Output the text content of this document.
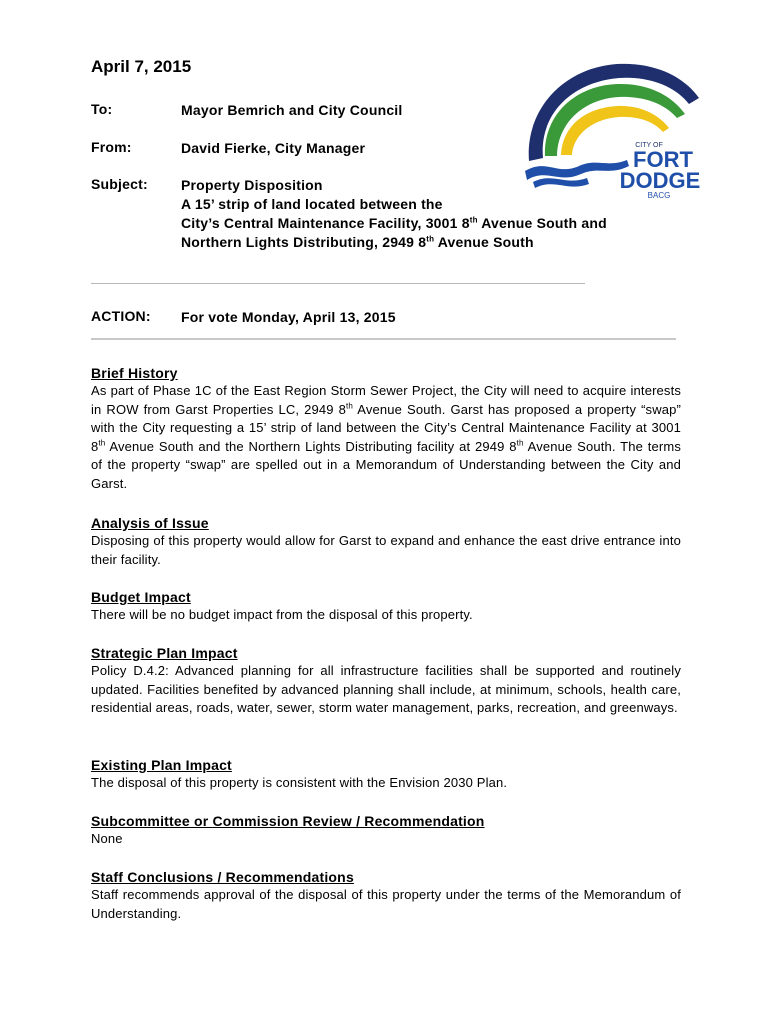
April 7, 2015
To:	Mayor Bemrich and City Council
From:	David Fierke, City Manager
Subject: Property Disposition
A 15’ strip of land located between the
City’s Central Maintenance Facility, 3001 8th Avenue South and
Northern Lights Distributing, 2949 8th Avenue South
ACTION: For vote Monday, April 13, 2015
CITY OF
FORT
DODGE
BACG
Brief History

As part of Phase 1C of the East Region Storm Sewer Project, the City will need to acquire interests in ROW from Garst Properties LC, 2949 8th Avenue South. Garst has proposed a property “swap” with the City requesting a 15’ strip of land between the City’s Central Maintenance Facility at 3001 8th Avenue South and the Northern Lights Distributing facility at 2949 8th Avenue South. The terms of the property “swap” are spelled out in a Memorandum of Understanding between the City and Garst.

Analysis of Issue

Disposing of this property would allow for Garst to expand and enhance the east drive entrance into their facility.

Budget Impact

There will be no budget impact from the disposal of this property.

Strategic Plan Impact

Policy D.4.2: Advanced planning for all infrastructure facilities shall be supported and routinely updated. Facilities benefited by advanced planning shall include, at minimum, schools, health care, residential areas, roads, water, sewer, storm water management, parks, recreation, and greenways.

Existing Plan Impact

The disposal of this property is consistent with the Envision 2030 Plan.

Subcommittee or Commission Review / Recommendation

None

Staff Conclusions / Recommendations

Staff recommends approval of the disposal of this property under the terms of the Memorandum of Understanding.
